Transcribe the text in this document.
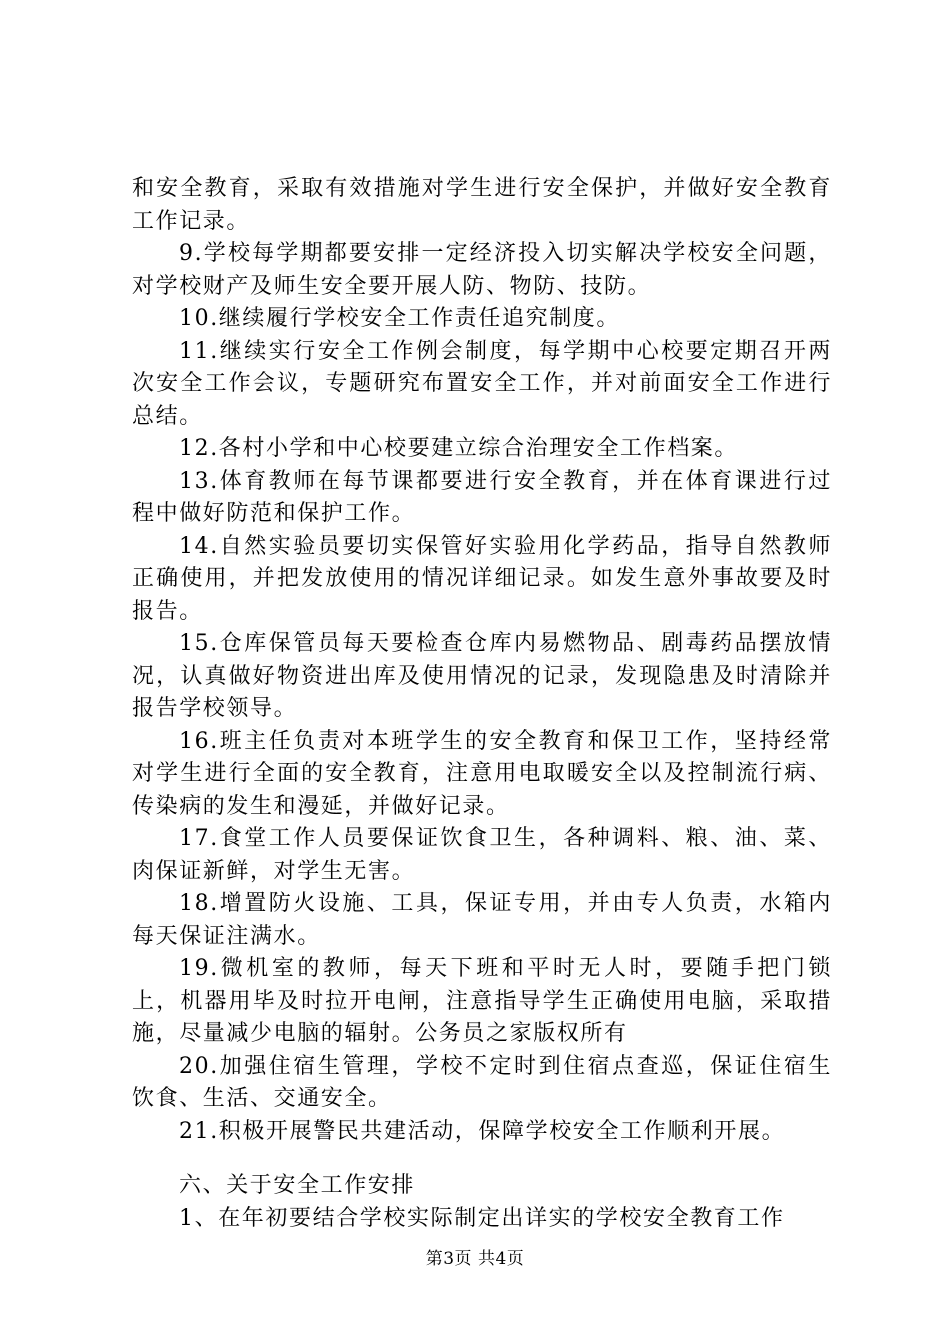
和安全教育，采取有效措施对学生进行安全保护，并做好安全教育工作记录。

9.学校每学期都要安排一定经济投入切实解决学校安全问题，对学校财产及师生安全要开展人防、物防、技防。

10.继续履行学校安全工作责任追究制度。

11.继续实行安全工作例会制度，每学期中心校要定期召开两次安全工作会议，专题研究布置安全工作，并对前面安全工作进行总结。

12.各村小学和中心校要建立综合治理安全工作档案。

13.体育教师在每节课都要进行安全教育，并在体育课进行过程中做好防范和保护工作。

14.自然实验员要切实保管好实验用化学药品，指导自然教师正确使用，并把发放使用的情况详细记录。如发生意外事故要及时报告。

15.仓库保管员每天要检查仓库内易燃物品、剧毒药品摆放情况，认真做好物资进出库及使用情况的记录，发现隐患及时清除并报告学校领导。

16.班主任负责对本班学生的安全教育和保卫工作，坚持经常对学生进行全面的安全教育，注意用电取暖安全以及控制流行病、传染病的发生和漫延，并做好记录。

17.食堂工作人员要保证饮食卫生，各种调料、粮、油、菜、肉保证新鲜，对学生无害。

18.增置防火设施、工具，保证专用，并由专人负责，水箱内每天保证注满水。

19.微机室的教师，每天下班和平时无人时，要随手把门锁上，机器用毕及时拉开电闸，注意指导学生正确使用电脑，采取措施，尽量减少电脑的辐射。公务员之家版权所有

20.加强住宿生管理，学校不定时到住宿点查巡，保证住宿生饮食、生活、交通安全。

21.积极开展警民共建活动，保障学校安全工作顺利开展。

六、关于安全工作安排

1、在年初要结合学校实际制定出详实的学校安全教育工作

第3页 共4页
